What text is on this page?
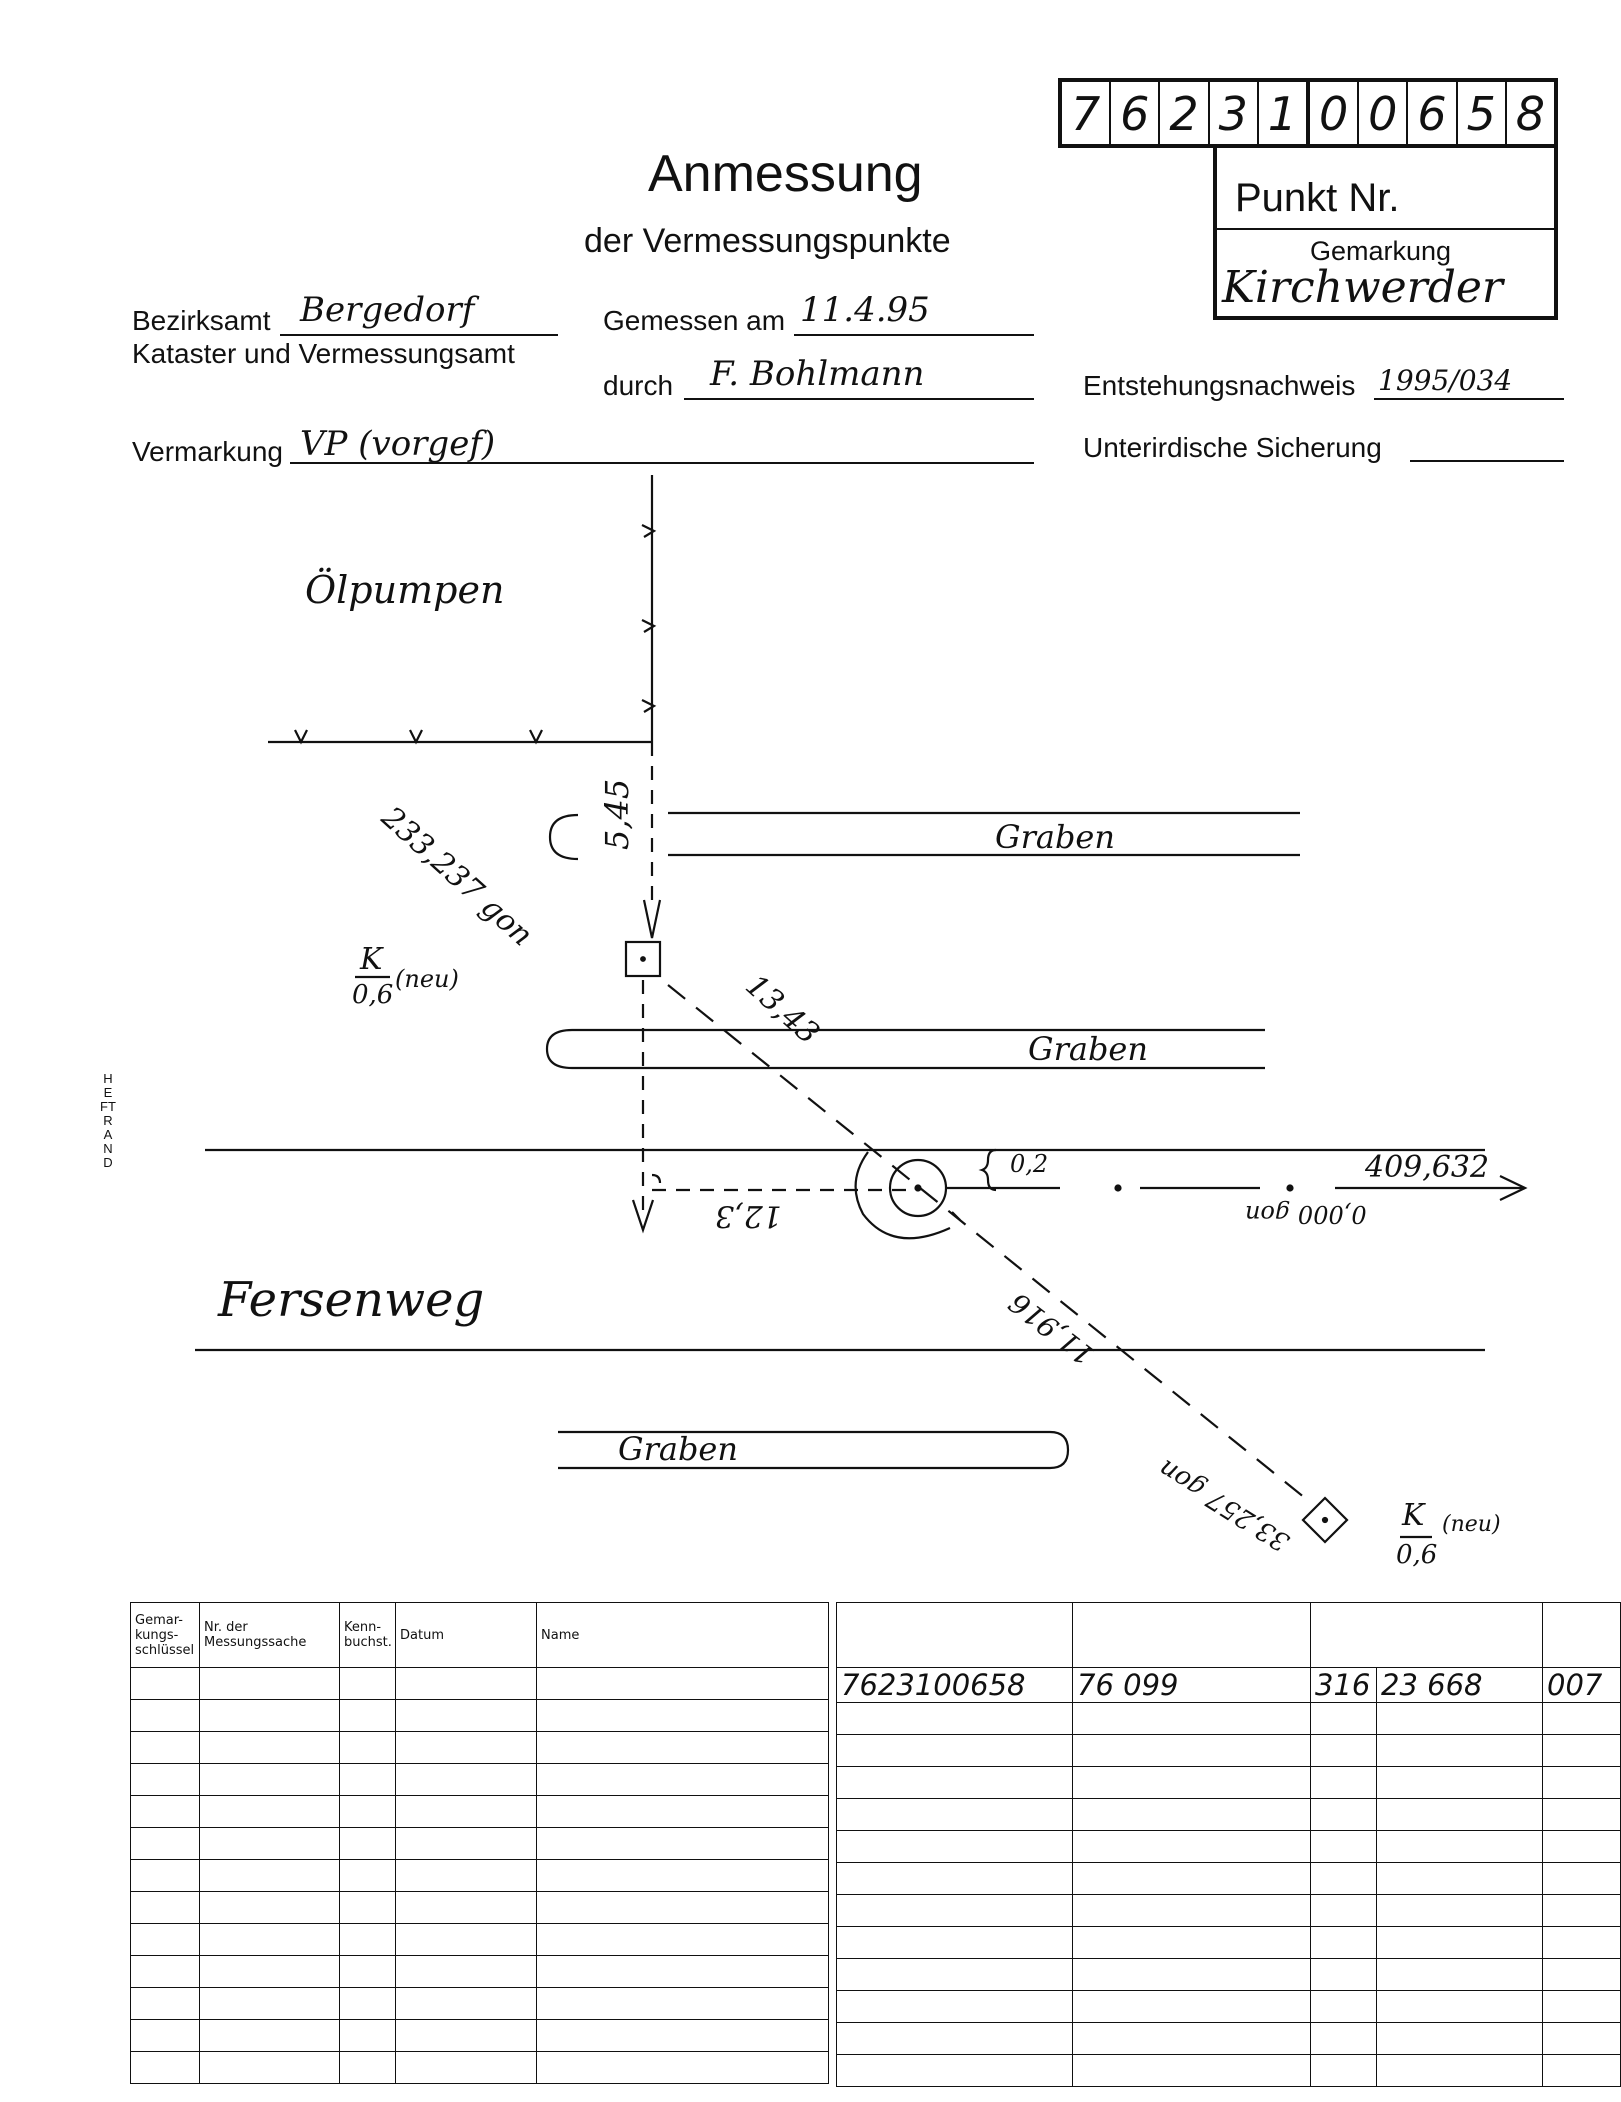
7 6 2 3 1 0 0 6 5 8
Punkt Nr.
Gemarkung
Kirchwerder
Anmessung
der Vermessungspunkte
Bezirksamt Bergedorf
Kataster und Vermessungsamt
Gemessen am 11.4.95
durch F. Bohlmann	Entstehungsnachweis 1995/034
Vermarkung VP (vorgef)	Unterirdische Sicherung
HEFTRAND
Ölpumpen
Graben
Graben
Graben
Fersenweg
K
0,6
(neu)
K
0,6
(neu)
5,45
233,237 gon
13,43
12,3
0,2	409,632
0,000 gon
11,916
33,257 gon
Gemar-kungs-schlüssel	Nr. der Messungssache	Kenn-buchst.	Datum	Name

7623100658	76 099	316	23 668	007
